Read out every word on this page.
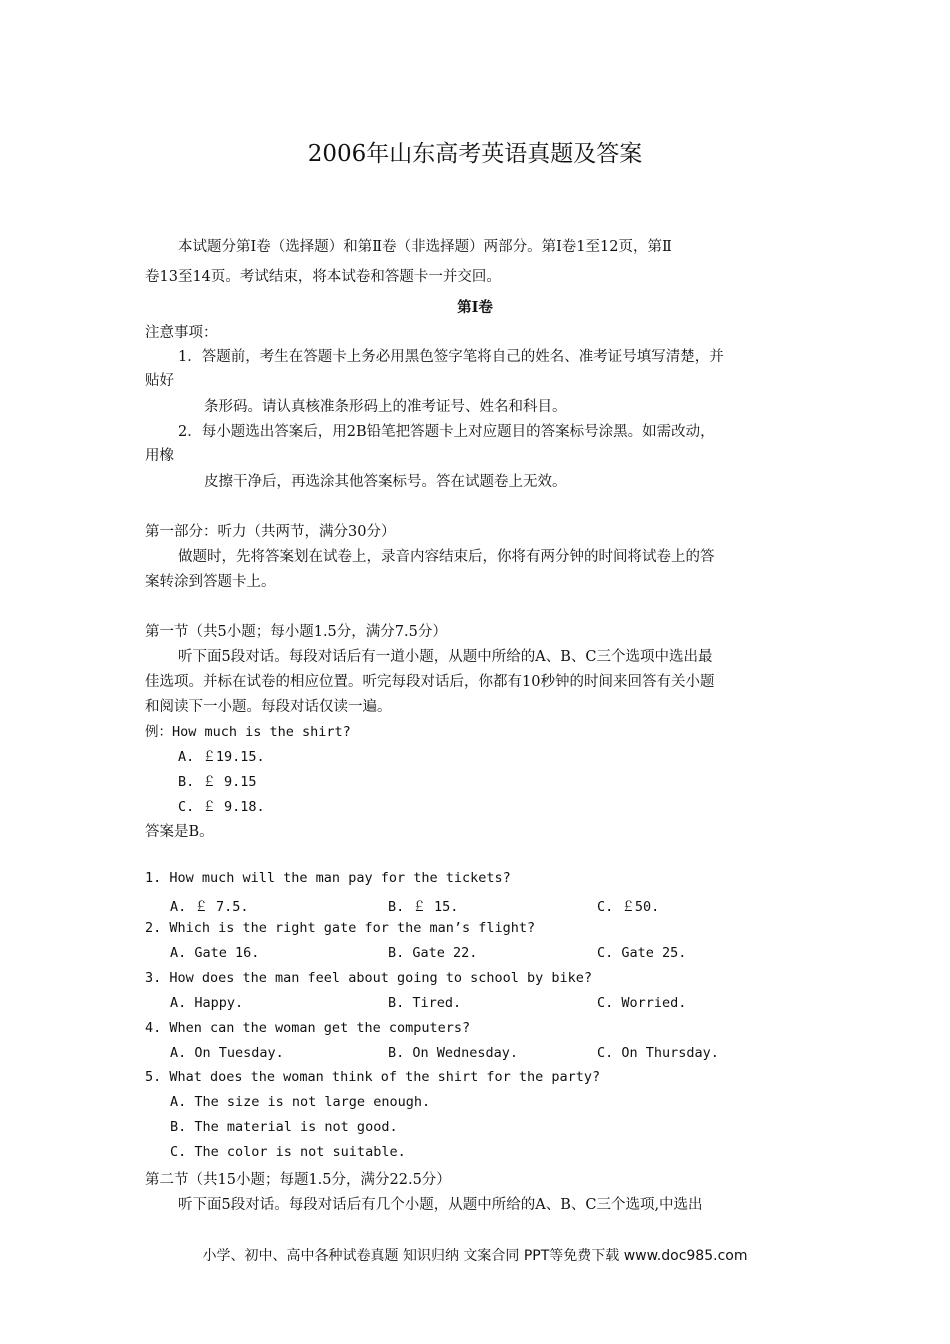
2006年山东高考英语真题及答案
本试题分第Ⅰ卷（选择题）和第Ⅱ卷（非选择题）两部分。第Ⅰ卷1至12页，第Ⅱ
卷13至14页。考试结束，将本试卷和答题卡一并交回。
第Ⅰ卷
注意事项：
1．答题前，考生在答题卡上务必用黑色签字笔将自己的姓名、准考证号填写清楚，并
贴好
条形码。请认真核准条形码上的准考证号、姓名和科目。
2．每小题选出答案后，用2B铅笔把答题卡上对应题目的答案标号涂黑。如需改动，
用橡
皮擦干净后，再选涂其他答案标号。答在试题卷上无效。
第一部分：听力（共两节，满分30分）
做题时，先将答案划在试卷上，录音内容结束后，你将有两分钟的时间将试卷上的答
案转涂到答题卡上。
第一节（共5小题；每小题1.5分，满分7.5分）
听下面5段对话。每段对话后有一道小题，从题中所给的A、B、C三个选项中选出最
佳选项。并标在试卷的相应位置。听完每段对话后，你都有10秒钟的时间来回答有关小题
和阅读下一小题。每段对话仅读一遍。
例：How much is the shirt?
A. ￡19.15.
B. ￡ 9.15
C. ￡ 9.18.
答案是B。
1. How much will the man pay for the tickets?
A. ￡ 7.5.	B. ￡ 15.	C. ￡50.
2. Which is the right gate for the man’s flight?
A. Gate 16.	B. Gate 22.	C. Gate 25.
3. How does the man feel about going to school by bike?
A. Happy.	B. Tired.	C. Worried.
4. When can the woman get the computers?
A. On Tuesday.	B. On Wednesday.	C. On Thursday.
5. What does the woman think of the shirt for the party?
A. The size is not large enough.
B. The material is not good.
C. The color is not suitable.
第二节（共15小题；每题1.5分，满分22.5分）
听下面5段对话。每段对话后有几个小题，从题中所给的A、B、C三个选项,中选出
小学、初中、高中各种试卷真题 知识归纳 文案合同 PPT等免费下载 www.doc985.com
